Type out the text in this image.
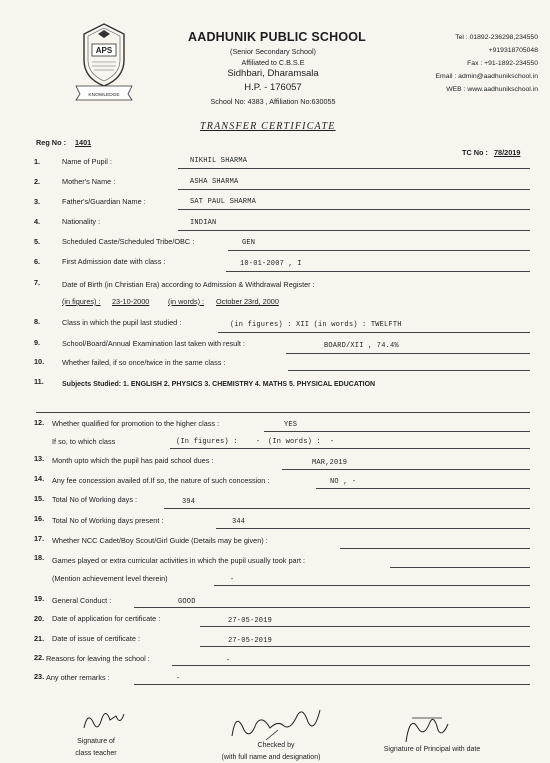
APS
KNOWLEDGE
AADHUNIK PUBLIC SCHOOL
(Senior Secondary School)
Affiliated to C.B.S.E
Sidhbari, Dharamsala
H.P. - 176057
School No: 4383 , Affiliation No:630055
Tel : 01892-236298,234550
+919318705048
Fax : +91-1892-234550
Email : admin@aadhunikschool.in
WEB : www.aadhunikschool.in
TRANSFER CERTIFICATE
Reg No : 1401
TC No : 78/2019
1.	Name of Pupil :	NIKHIL SHARMA
2.	Mother's Name :	ASHA SHARMA
3.	Father's/Guardian Name :	SAT PAUL SHARMA
4.	Nationality :	INDIAN
5.	Scheduled Caste/Scheduled Tribe/OBC :	GEN
6.	First Admission date with class :	10-01-2007 , I
7.	Date of Birth (in Christian Era) according to Admission & Withdrawal Register :
(in figures) : 23-10-2000	(in words) : October 23rd, 2000
8.	Class in which the pupil last studied :	(in figures) : XII (in words) : TWELFTH
9.	School/Board/Annual Examination last taken with result :	BOARD/XII , 74.4%
10. Whether failed, if so once/twice in the same class :
11.	Subjects Studied: 1. ENGLISH 2. PHYSICS 3. CHEMISTRY 4. MATHS 5. PHYSICAL EDUCATION
12. Whether qualified for promotion to the higher class :	YES
If so, to which class	(In figures) :	- (In words) : -
13. Month upto which the pupil has paid school dues :	MAR,2019
14. Any fee concession availed of.If so, the nature of such concession :	NO , -
15. Total No of Working days :	394
16. Total No of Working days present :	344
17. Whether NCC Cadet/Boy Scout/Girl Guide (Details may be given) :
18. Games played or extra curricular activities in which the pupil usually took part :
(Mention achievement level therein)	-
19. General Conduct :	GOOD
20. Date of application for certificate :	27-05-2019
21. Date of issue of certificate :	27-05-2019
22. Reasons for leaving the school :	-
23. Any other remarks :	-
Signature of
class teacher
Checked by
(with full name and designation)
Signature of Principal with date
